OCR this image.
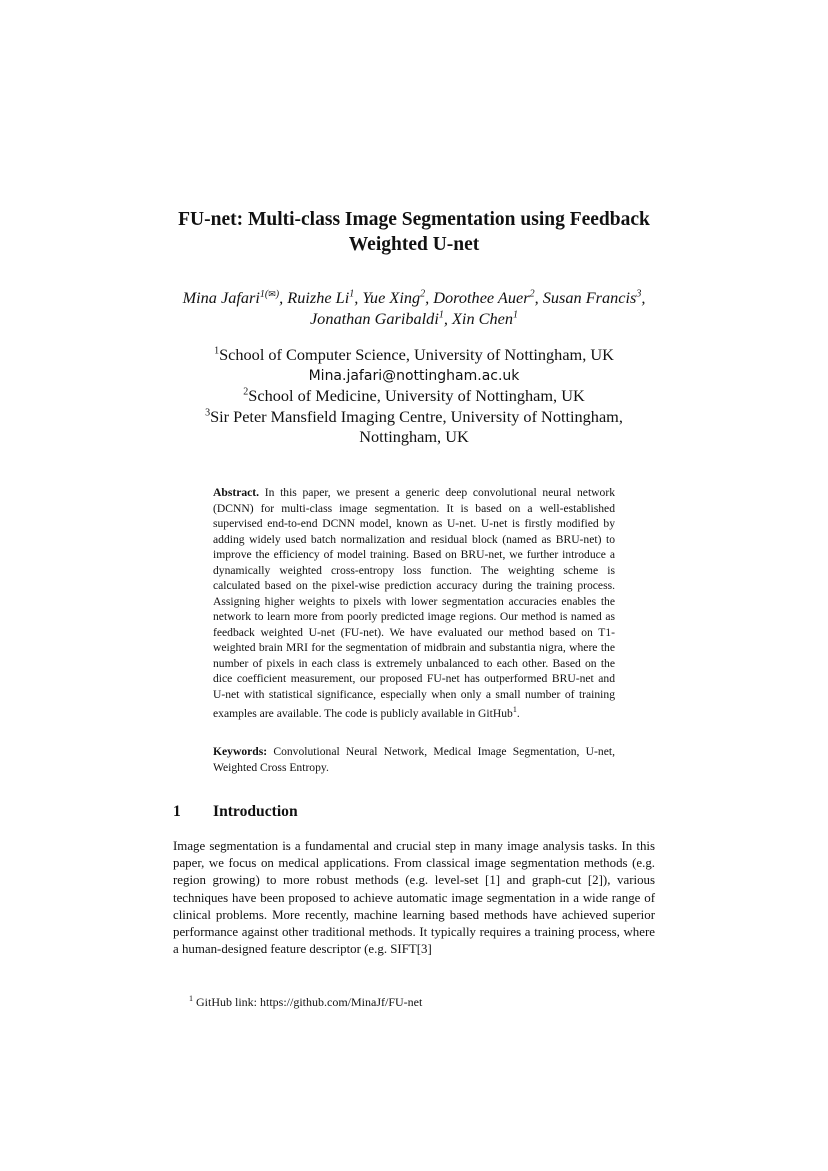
FU-net: Multi-class Image Segmentation using Feedback
Weighted U-net
Mina Jafari$^{1(✉)}$, Ruizhe Li$^1$, Yue Xing$^2$, Dorothee Auer$^2$, Susan Francis$^3$, Jonathan Garibaldi$^1$, Xin Chen$^1$
$^1$School of Computer Science, University of Nottingham, UK
Mina.jafari@nottingham.ac.uk
$^2$School of Medicine, University of Nottingham, UK
$^3$Sir Peter Mansfield Imaging Centre, University of Nottingham,
Nottingham, UK

Abstract. In this paper, we present a generic deep convolutional neural network (DCNN) for multi-class image segmentation. It is based on a well-established supervised end-to-end DCNN model, known as U-net. U-net is firstly modified by adding widely used batch normalization and residual block (named as BRU-net) to improve the efficiency of model training. Based on BRU-net, we further introduce a dynamically weighted cross-entropy loss function. The weighting scheme is calculated based on the pixel-wise prediction accuracy during the training process. Assigning higher weights to pixels with lower segmentation accuracies enables the network to learn more from poorly predicted image regions. Our method is named as feedback weighted U-net (FU-net). We have evaluated our method based on T1-weighted brain MRI for the segmentation of midbrain and substantia nigra, where the number of pixels in each class is extremely unbalanced to each other. Based on the dice coefficient measurement, our proposed FU-net has outperformed BRU-net and U-net with statistical significance, especially when only a small number of training examples are available. The code is publicly available in GitHub$^1$.

Keywords: Convolutional Neural Network, Medical Image Segmentation, U-net, Weighted Cross Entropy.

1 Introduction

Image segmentation is a fundamental and crucial step in many image analysis tasks. In this paper, we focus on medical applications. From classical image segmentation methods (e.g. region growing) to more robust methods (e.g. level-set [1] and graph-cut [2]), various techniques have been proposed to achieve automatic image segmentation in a wide range of clinical problems. More recently, machine learning based methods have achieved superior performance against other traditional methods. It typically requires a training process, where a human-designed feature descriptor (e.g. SIFT[3]

$^1$ GitHub link: https://github.com/MinaJf/FU-net
